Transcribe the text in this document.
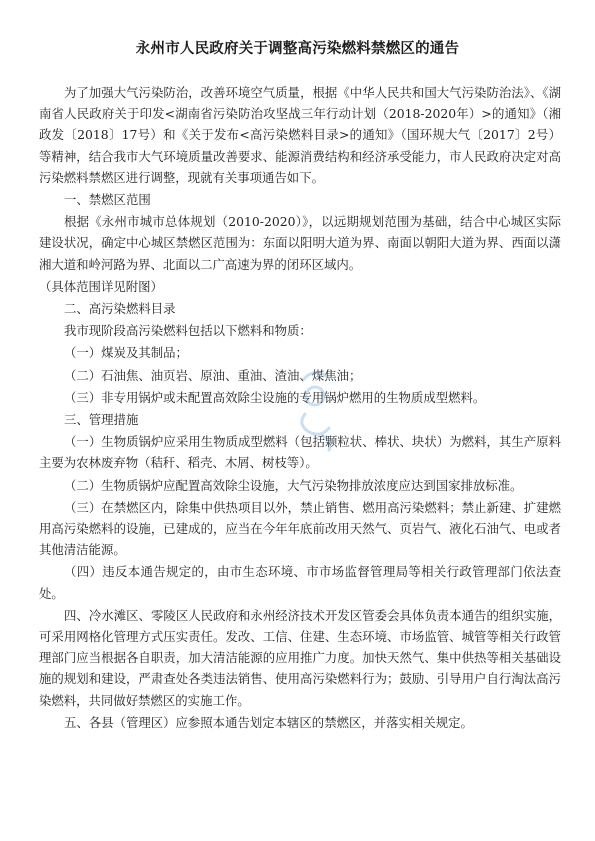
永州市人民政府关于调整高污染燃料禁燃区的通告

为了加强大气污染防治，改善环境空气质量，根据《中华人民共和国大气污染防治法》、《湖南省人民政府关于印发<湖南省污染防治攻坚战三年行动计划（2018-2020年）>的通知》（湘政发〔2018〕17号）和《关于发布<高污染燃料目录>的通知》（国环规大气〔2017〕2号）等精神，结合我市大气环境质量改善要求、能源消费结构和经济承受能力，市人民政府决定对高污染燃料禁燃区进行调整，现就有关事项通告如下。

一、禁燃区范围

根据《永州市城市总体规划（2010-2020）》，以远期规划范围为基础，结合中心城区实际建设状况，确定中心城区禁燃区范围为：东面以阳明大道为界、南面以朝阳大道为界、西面以潇湘大道和岭河路为界、北面以二广高速为界的闭环区域内。

（具体范围详见附图）

二、高污染燃料目录

我市现阶段高污染燃料包括以下燃料和物质：

（一）煤炭及其制品；

（二）石油焦、油页岩、原油、重油、渣油、煤焦油；

（三）非专用锅炉或未配置高效除尘设施的专用锅炉燃用的生物质成型燃料。

三、管理措施

（一）生物质锅炉应采用生物质成型燃料（包括颗粒状、棒状、块状）为燃料，其生产原料主要为农林废弃物（秸秆、稻壳、木屑、树枝等）。

（二）生物质锅炉应配置高效除尘设施，大气污染物排放浓度应达到国家排放标准。

（三）在禁燃区内，除集中供热项目以外，禁止销售、燃用高污染燃料；禁止新建、扩建燃用高污染燃料的设施，已建成的，应当在今年年底前改用天然气、页岩气、液化石油气、电或者其他清洁能源。

（四）违反本通告规定的，由市生态环境、市市场监督管理局等相关行政管理部门依法查处。

四、冷水滩区、零陵区人民政府和永州经济技术开发区管委会具体负责本通告的组织实施，可采用网格化管理方式压实责任。发改、工信、住建、生态环境、市场监管、城管等相关行政管理部门应当根据各自职责，加大清洁能源的应用推广力度。加快天然气、集中供热等相关基础设施的规划和建设，严肃查处各类违法销售、使用高污染燃料行为；鼓励、引导用户自行淘汰高污染燃料，共同做好禁燃区的实施工作。

五、各县（管理区）应参照本通告划定本辖区的禁燃区，并落实相关规定。
